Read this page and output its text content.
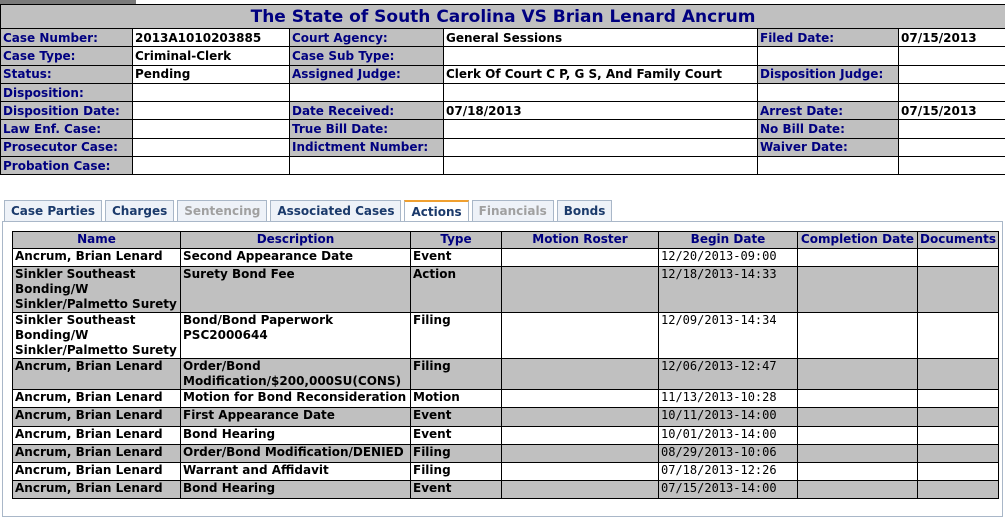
The State of South Carolina VS Brian Lenard Ancrum					
Case Number:	2013A1010203885	Court Agency:	General Sessions	Filed Date:	07/15/2013
Case Type:	Criminal-Clerk	Case Sub Type:			
Status:	Pending	Assigned Judge:	Clerk Of Court C P, G S, And Family Court	Disposition Judge:	
Disposition:					
Disposition Date:		Date Received:	07/18/2013	Arrest Date:	07/15/2013
Law Enf. Case:		True Bill Date:		No Bill Date:	
Prosecutor Case:		Indictment Number:		Waiver Date:	
Probation Case:					
Case Parties	Charges	Sentencing	Associated Cases	Actions	Financials	Bonds
Name	Description	Type	Motion Roster	Begin Date	Completion Date	Documents
Ancrum, Brian Lenard	Second Appearance Date	Event		12/20/2013-09:00		
Sinkler Southeast Bonding/W Sinkler/Palmetto Surety	Surety Bond Fee	Action		12/18/2013-14:33		
Sinkler Southeast Bonding/W Sinkler/Palmetto Surety	Bond/Bond Paperwork PSC2000644	Filing		12/09/2013-14:34		
Ancrum, Brian Lenard	Order/Bond Modification/$200,000SU(CONS)	Filing		12/06/2013-12:47		
Ancrum, Brian Lenard	Motion for Bond Reconsideration	Motion		11/13/2013-10:28		
Ancrum, Brian Lenard	First Appearance Date	Event		10/11/2013-14:00		
Ancrum, Brian Lenard	Bond Hearing	Event		10/01/2013-14:00		
Ancrum, Brian Lenard	Order/Bond Modification/DENIED	Filing		08/29/2013-10:06		
Ancrum, Brian Lenard	Warrant and Affidavit	Filing		07/18/2013-12:26		
Ancrum, Brian Lenard	Bond Hearing	Event		07/15/2013-14:00		
